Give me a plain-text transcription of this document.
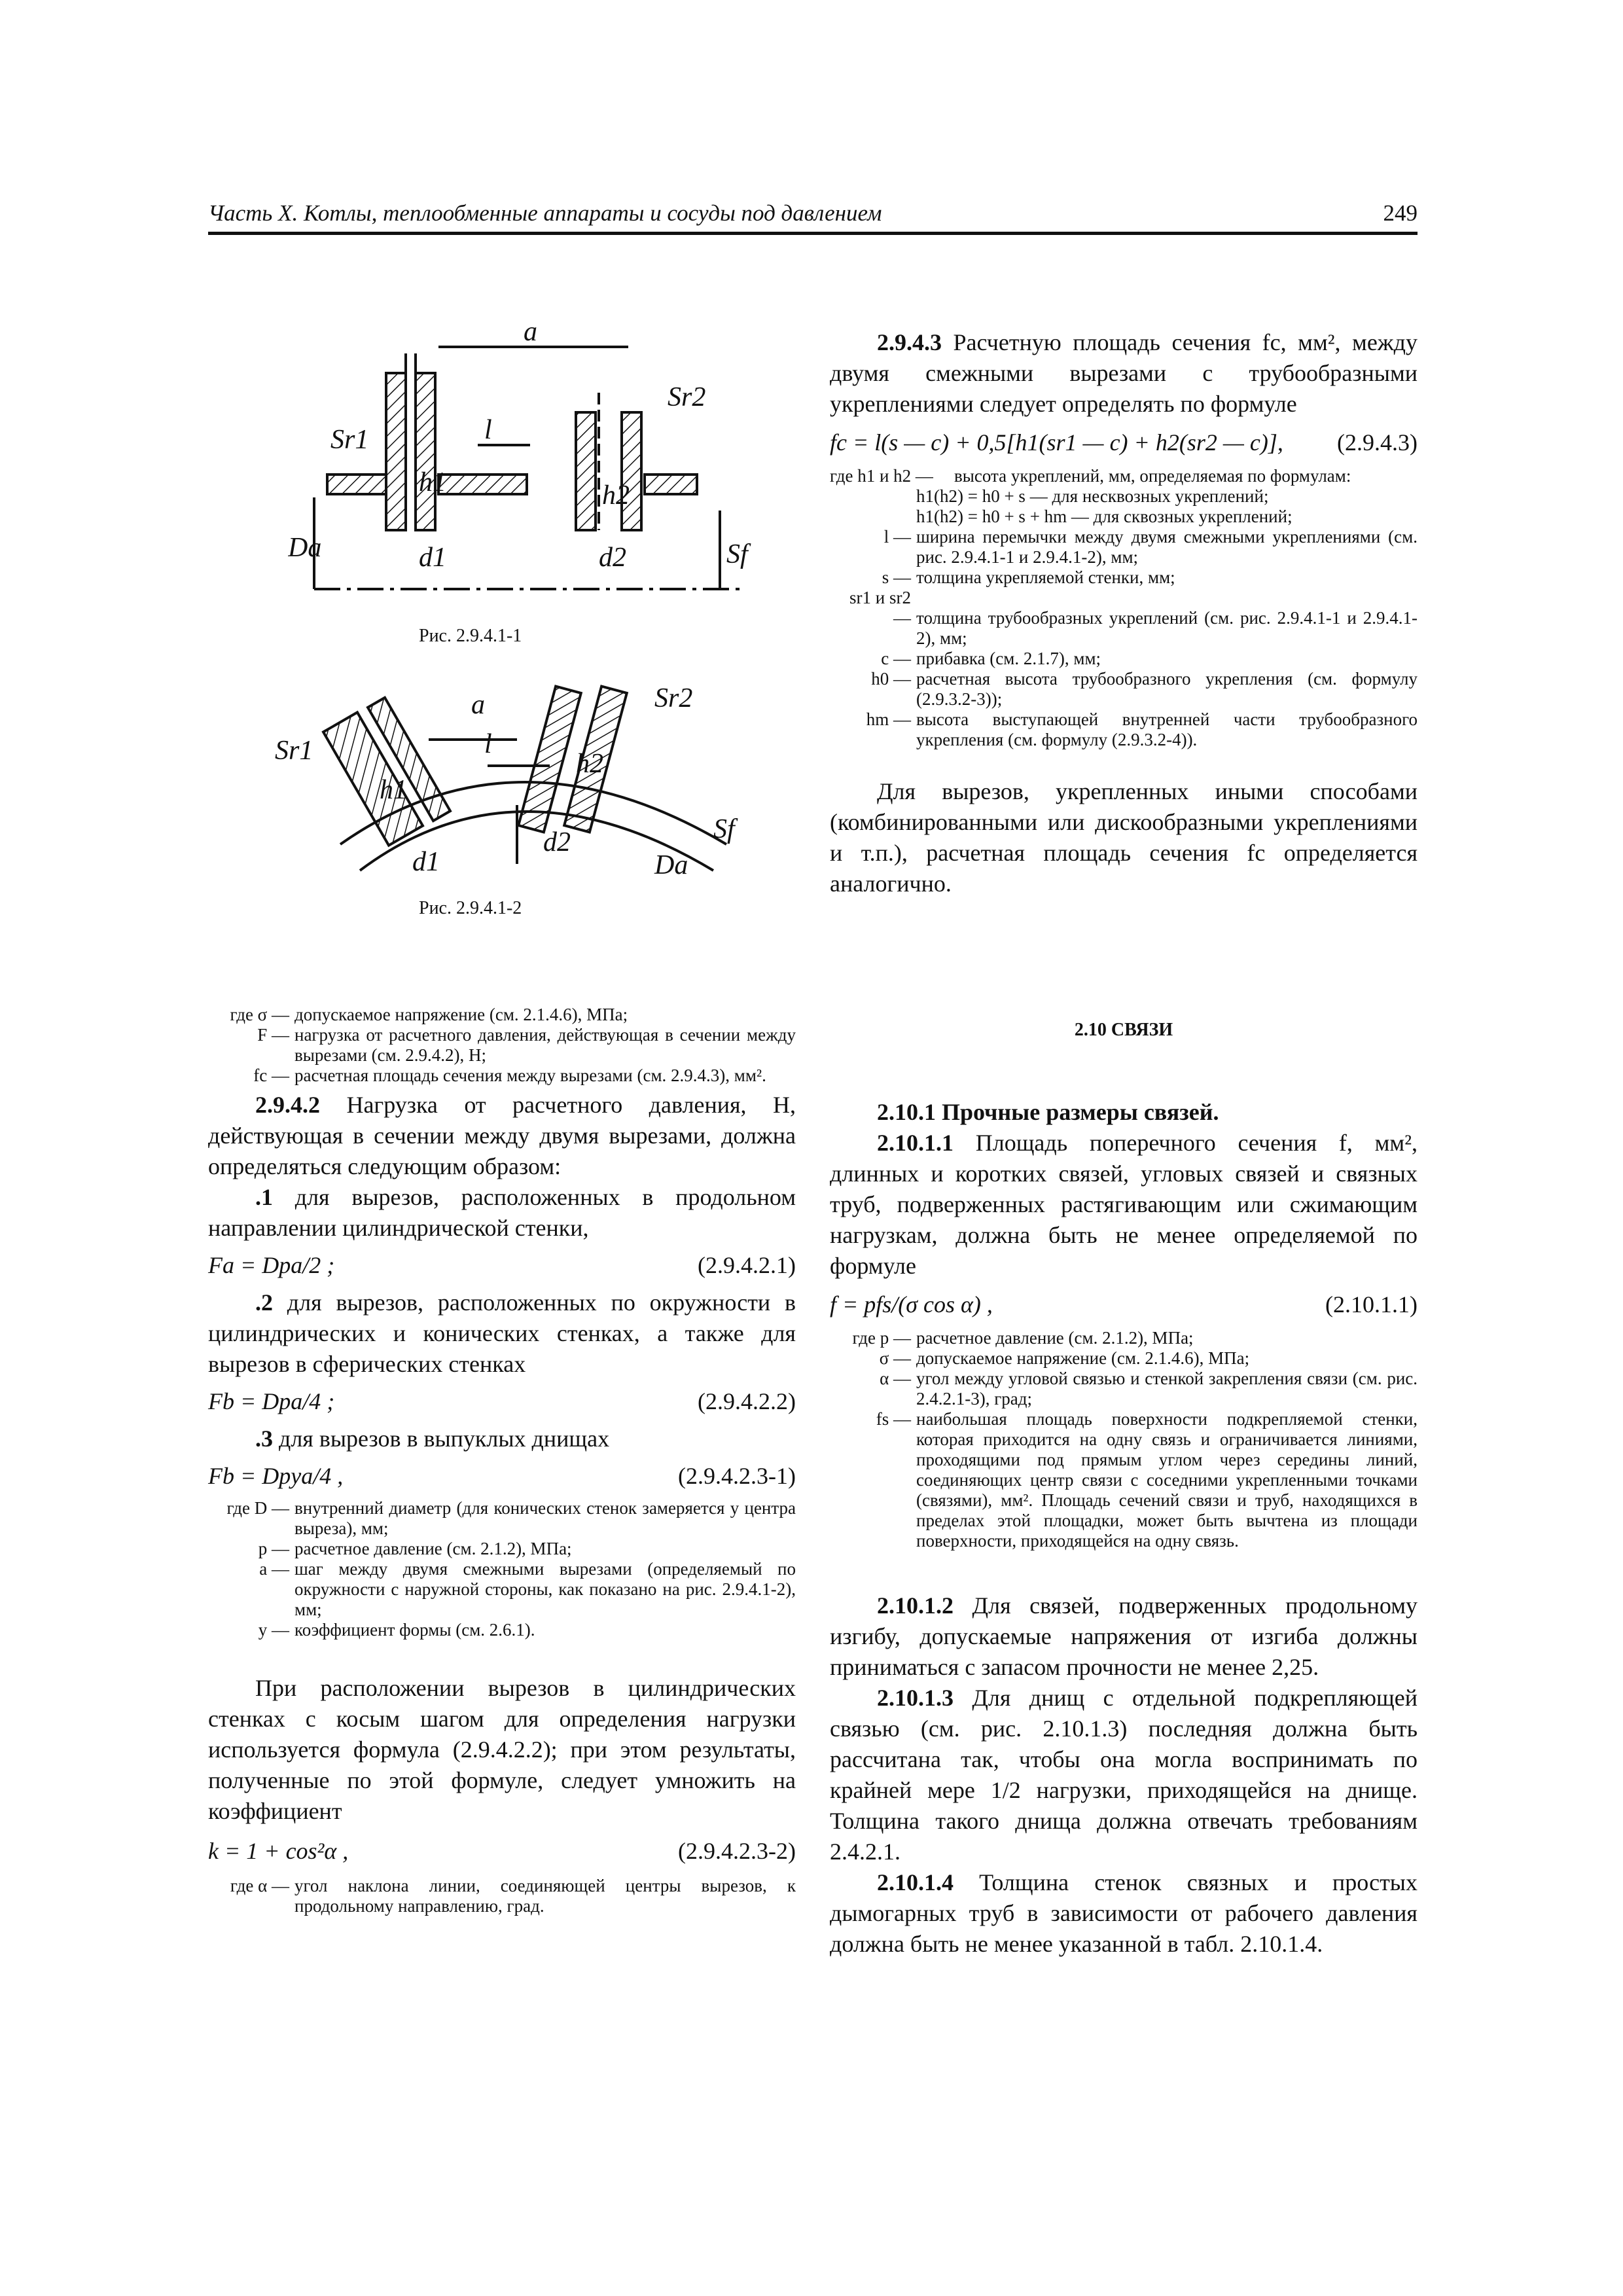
Часть X. Котлы, теплообменные аппараты и сосуды под давлением	249
a
l
Sr1
Sr2
h1	h2
d1	d2
Da	Sf
Рис. 2.9.4.1-1
a
l
Sr1
Sr2
h1
h2
d1
d2
Da
Sf
Рис. 2.9.4.1-2
где σ — допускаемое напряжение (см. 2.1.4.6), МПа;
F — нагрузка от расчетного давления, действующая в сечении между вырезами (см. 2.9.4.2), Н;
fc — расчетная площадь сечения между вырезами (см. 2.9.4.3), мм².

2.9.4.2 Нагрузка от расчетного давления, Н, действующая в сечении между двумя вырезами, должна определяться следующим образом:

.1 для вырезов, расположенных в продольном направлении цилиндрической стенки,

Fa = Dpa/2 ;	(2.9.4.2.1)

.2 для вырезов, расположенных по окружности в цилиндрических и конических стенках, а также для вырезов в сферических стенках

Fb = Dpa/4 ;	(2.9.4.2.2)

.3 для вырезов в выпуклых днищах

Fb = Dpya/4 ,	(2.9.4.2.3-1)
где D — внутренний диаметр (для конических стенок замеряется у центра выреза), мм;
p — расчетное давление (см. 2.1.2), МПа;
a — шаг между двумя смежными вырезами (определяемый по окружности с наружной стороны, как показано на рис. 2.9.4.1-2), мм;
y — коэффициент формы (см. 2.6.1).

При расположении вырезов в цилиндрических стенках с косым шагом для определения нагрузки используется формула (2.9.4.2.2); при этом результаты, полученные по этой формуле, следует умножить на коэффициент

k = 1 + cos²α ,	(2.9.4.2.3-2)
где α — угол наклона линии, соединяющей центры вырезов, к продольному направлению, град.

2.9.4.3 Расчетную площадь сечения fc, мм², между двумя смежными вырезами с трубообразными укреплениями следует определять по формуле

fc = l(s — c) + 0,5[h1(sr1 — c) + h2(sr2 — c)], (2.9.4.3)
где h1 и h2 — высота укреплений, мм, определяемая по формулам:
h1(h2) = h0 + s — для несквозных укреплений;
h1(h2) = h0 + s + hm — для сквозных укреплений;
l — ширина перемычки между двумя смежными укреплениями (см. рис. 2.9.4.1-1 и 2.9.4.1-2), мм;
s — толщина укрепляемой стенки, мм;
sr1 и sr2 — толщина трубообразных укреплений (см. рис. 2.9.4.1-1 и 2.9.4.1-2), мм;
c — прибавка (см. 2.1.7), мм;
h0 — расчетная высота трубообразного укрепления (см. формулу (2.9.3.2-3));
hm — высота выступающей внутренней части трубообразного укрепления (см. формулу (2.9.3.2-4)).

Для вырезов, укрепленных иными способами (комбинированными или дискообразными укреплениями и т.п.), расчетная площадь сечения fc определяется аналогично.

2.10 СВЯЗИ

2.10.1 Прочные размеры связей.

2.10.1.1 Площадь поперечного сечения f, мм², длинных и коротких связей, угловых связей и связных труб, подверженных растягивающим или сжимающим нагрузкам, должна быть не менее определяемой по формуле

f = pfs/(σ cos α) ,	(2.10.1.1)
где p — расчетное давление (см. 2.1.2), МПа;
σ — допускаемое напряжение (см. 2.1.4.6), МПа;
α — угол между угловой связью и стенкой закрепления связи (см. рис. 2.4.2.1-3), град;
fs — наибольшая площадь поверхности подкрепляемой стенки, которая приходится на одну связь и ограничивается линиями, проходящими под прямым углом через середины линий, соединяющих центр связи с соседними укрепленными точками (связями), мм². Площадь сечений связи и труб, находящихся в пределах этой площадки, может быть вычтена из площади поверхности, приходящейся на одну связь.

2.10.1.2 Для связей, подверженных продольному изгибу, допускаемые напряжения от изгиба должны приниматься с запасом прочности не менее 2,25.

2.10.1.3 Для днищ с отдельной подкрепляющей связью (см. рис. 2.10.1.3) последняя должна быть рассчитана так, чтобы она могла воспринимать по крайней мере 1/2 нагрузки, приходящейся на днище. Толщина такого днища должна отвечать требованиям 2.4.2.1.

2.10.1.4 Толщина стенок связных и простых дымогарных труб в зависимости от рабочего давления должна быть не менее указанной в табл. 2.10.1.4.
